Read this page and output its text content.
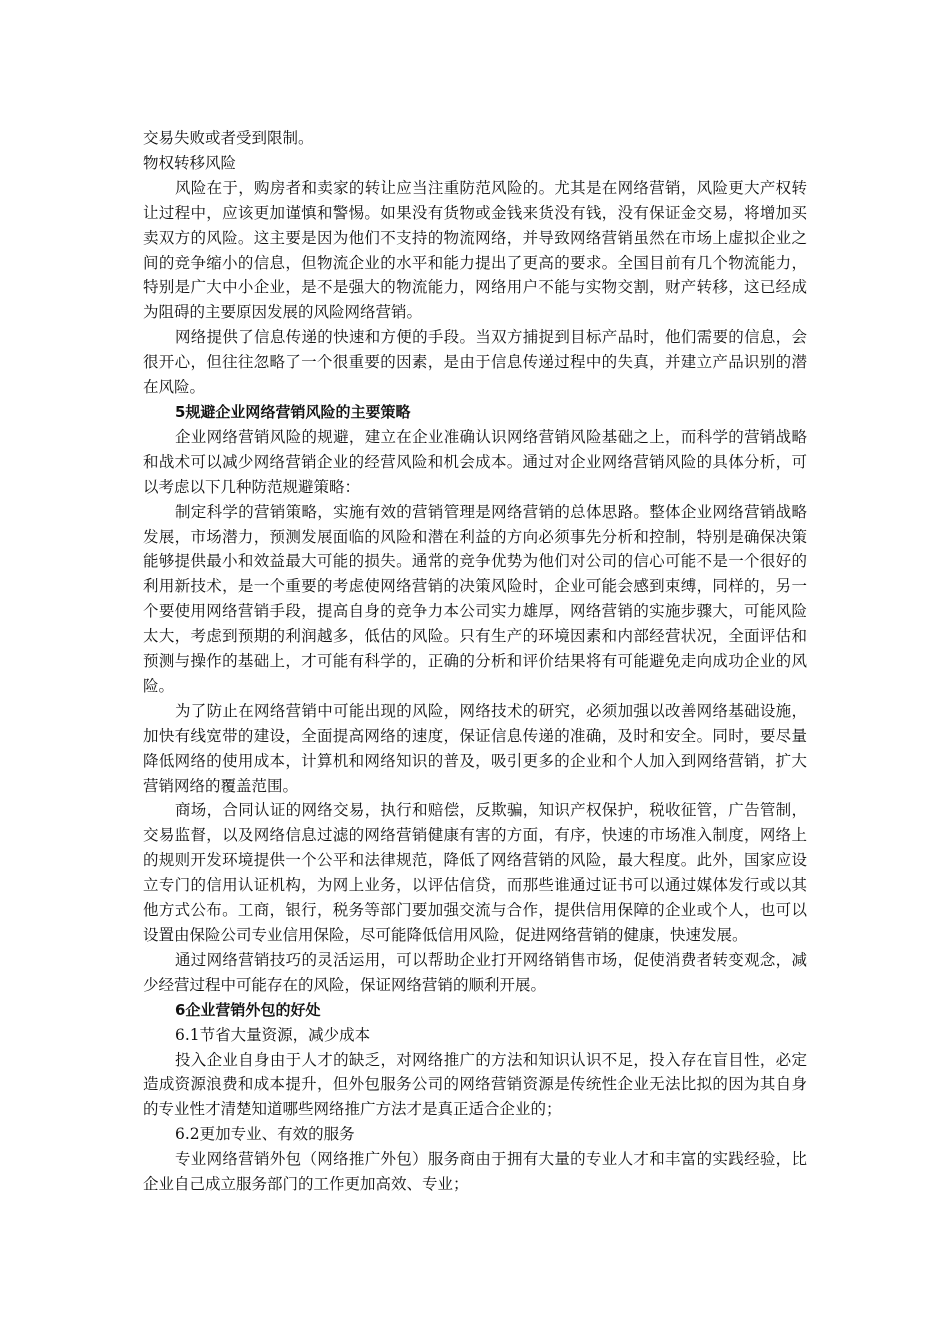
交易失败或者受到限制。

物权转移风险

风险在于，购房者和卖家的转让应当注重防范风险的。尤其是在网络营销，风险更大产权转让过程中，应该更加谨慎和警惕。如果没有货物或金钱来货没有钱，没有保证金交易，将增加买卖双方的风险。这主要是因为他们不支持的物流网络，并导致网络营销虽然在市场上虚拟企业之间的竞争缩小的信息，但物流企业的水平和能力提出了更高的要求。全国目前有几个物流能力，特别是广大中小企业，是不是强大的物流能力，网络用户不能与实物交割，财产转移，这已经成为阻碍的主要原因发展的风险网络营销。

网络提供了信息传递的快速和方便的手段。当双方捕捉到目标产品时，他们需要的信息，会很开心，但往往忽略了一个很重要的因素，是由于信息传递过程中的失真，并建立产品识别的潜在风险。

5规避企业网络营销风险的主要策略

企业网络营销风险的规避，建立在企业准确认识网络营销风险基础之上，而科学的营销战略和战术可以减少网络营销企业的经营风险和机会成本。通过对企业网络营销风险的具体分析，可以考虑以下几种防范规避策略：

制定科学的营销策略，实施有效的营销管理是网络营销的总体思路。整体企业网络营销战略发展，市场潜力，预测发展面临的风险和潜在利益的方向必须事先分析和控制，特别是确保决策能够提供最小和效益最大可能的损失。通常的竞争优势为他们对公司的信心可能不是一个很好的利用新技术，是一个重要的考虑使网络营销的决策风险时，企业可能会感到束缚，同样的，另一个要使用网络营销手段，提高自身的竞争力本公司实力雄厚，网络营销的实施步骤大，可能风险太大，考虑到预期的利润越多，低估的风险。只有生产的环境因素和内部经营状况，全面评估和预测与操作的基础上，才可能有科学的，正确的分析和评价结果将有可能避免走向成功企业的风险。

为了防止在网络营销中可能出现的风险，网络技术的研究，必须加强以改善网络基础设施，加快有线宽带的建设，全面提高网络的速度，保证信息传递的准确，及时和安全。同时，要尽量降低网络的使用成本，计算机和网络知识的普及，吸引更多的企业和个人加入到网络营销，扩大营销网络的覆盖范围。

商场，合同认证的网络交易，执行和赔偿，反欺骗，知识产权保护，税收征管，广告管制，交易监督，以及网络信息过滤的网络营销健康有害的方面，有序，快速的市场准入制度，网络上的规则开发环境提供一个公平和法律规范，降低了网络营销的风险，最大程度。此外，国家应设立专门的信用认证机构，为网上业务，以评估信贷，而那些谁通过证书可以通过媒体发行或以其他方式公布。工商，银行，税务等部门要加强交流与合作，提供信用保障的企业或个人，也可以设置由保险公司专业信用保险，尽可能降低信用风险，促进网络营销的健康，快速发展。

通过网络营销技巧的灵活运用，可以帮助企业打开网络销售市场，促使消费者转变观念，减少经营过程中可能存在的风险，保证网络营销的顺利开展。

6企业营销外包的好处

6.1节省大量资源，减少成本

投入企业自身由于人才的缺乏，对网络推广的方法和知识认识不足，投入存在盲目性，必定造成资源浪费和成本提升，但外包服务公司的网络营销资源是传统性企业无法比拟的因为其自身的专业性才清楚知道哪些网络推广方法才是真正适合企业的；

6.2更加专业、有效的服务

专业网络营销外包（网络推广外包）服务商由于拥有大量的专业人才和丰富的实践经验，比企业自己成立服务部门的工作更加高效、专业；
